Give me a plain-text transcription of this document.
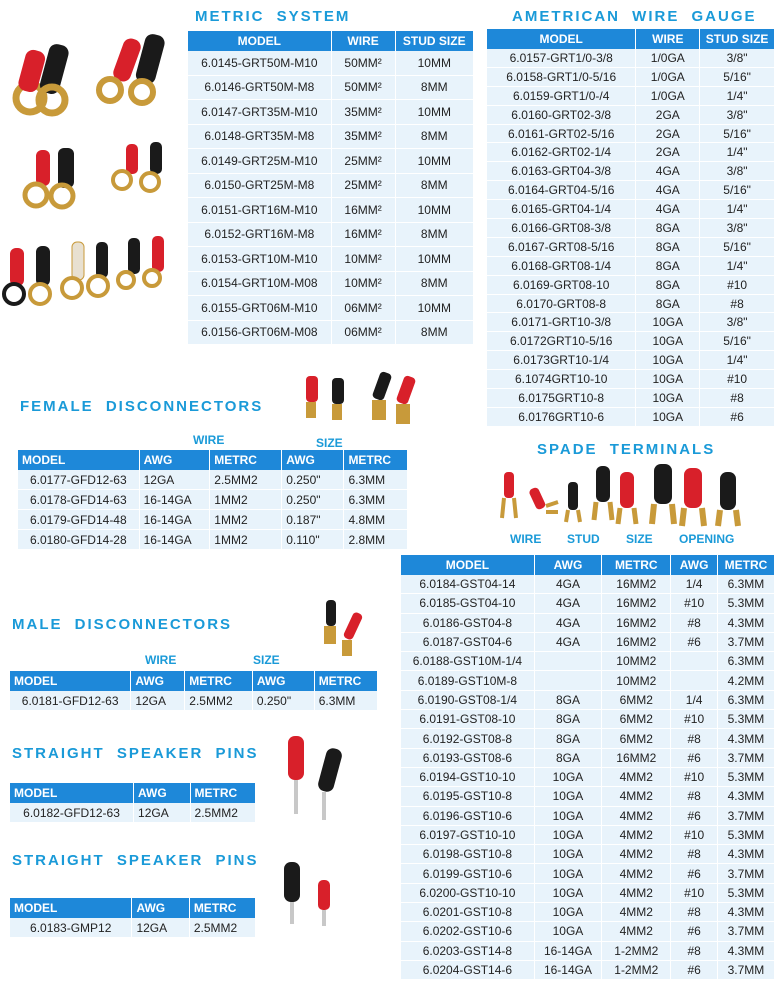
METRIC SYSTEM	AMETRICAN WIRE GAUGE
FEMALE DISCONNECTORS
SPADE TERMINALS
MALE DISCONNECTORS
STRAIGHT SPEAKER PINS
STRAIGHT SPEAKER PINS
WIRE	SIZE
WIRE	SIZE
WIRE STUD SIZE OPENING
MODEL	WIRE	STUD SIZE
6.0145-GRT50M-M10	50MM²	10MM
6.0146-GRT50M-M8	50MM²	8MM
6.0147-GRT35M-M10	35MM²	10MM
6.0148-GRT35M-M8	35MM²	8MM
6.0149-GRT25M-M10	25MM²	10MM
6.0150-GRT25M-M8	25MM²	8MM
6.0151-GRT16M-M10	16MM²	10MM
6.0152-GRT16M-M8	16MM²	8MM
6.0153-GRT10M-M10	10MM²	10MM
6.0154-GRT10M-M08	10MM²	8MM
6.0155-GRT06M-M10	06MM²	10MM
6.0156-GRT06M-M08	06MM²	8MM
MODEL	WIRE	STUD SIZE
6.0157-GRT1/0-3/8	1/0GA	3/8"
6.0158-GRT1/0-5/16	1/0GA	5/16"
6.0159-GRT1/0-/4	1/0GA	1/4"
6.0160-GRT02-3/8	2GA	3/8"
6.0161-GRT02-5/16	2GA	5/16"
6.0162-GRT02-1/4	2GA	1/4"
6.0163-GRT04-3/8	4GA	3/8"
6.0164-GRT04-5/16	4GA	5/16"
6.0165-GRT04-1/4	4GA	1/4"
6.0166-GRT08-3/8	8GA	3/8"
6.0167-GRT08-5/16	8GA	5/16"
6.0168-GRT08-1/4	8GA	1/4"
6.0169-GRT08-10	8GA	#10
6.0170-GRT08-8	8GA	#8
6.0171-GRT10-3/8	10GA	3/8"
6.0172GRT10-5/16	10GA	5/16"
6.0173GRT10-1/4	10GA	1/4"
6.1074GRT10-10	10GA	#10
6.0175GRT10-8	10GA	#8
6.0176GRT10-6	10GA	#6
MODEL	AWG	METRC	AWG	METRC
6.0177-GFD12-63	12GA	2.5MM2	0.250"	6.3MM
6.0178-GFD14-63	16-14GA	1MM2	0.250"	6.3MM
6.0179-GFD14-48	16-14GA	1MM2	0.187"	4.8MM
6.0180-GFD14-28	16-14GA	1MM2	0.110"	2.8MM
MODEL	AWG	METRC	AWG	METRC
6.0181-GFD12-63	12GA	2.5MM2	0.250"	6.3MM
MODEL	AWG	METRC
6.0182-GFD12-63	12GA	2.5MM2
MODEL	AWG	METRC
6.0183-GMP12	12GA	2.5MM2
MODEL	AWG	METRC	AWG	METRC
6.0184-GST04-14	4GA	16MM2	1/4	6.3MM
6.0185-GST04-10	4GA	16MM2	#10	5.3MM
6.0186-GST04-8	4GA	16MM2	#8	4.3MM
6.0187-GST04-6	4GA	16MM2	#6	3.7MM
6.0188-GST10M-1/4		10MM2		6.3MM
6.0189-GST10M-8		10MM2		4.2MM
6.0190-GST08-1/4	8GA	6MM2	1/4	6.3MM
6.0191-GST08-10	8GA	6MM2	#10	5.3MM
6.0192-GST08-8	8GA	6MM2	#8	4.3MM
6.0193-GST08-6	8GA	16MM2	#6	3.7MM
6.0194-GST10-10	10GA	4MM2	#10	5.3MM
6.0195-GST10-8	10GA	4MM2	#8	4.3MM
6.0196-GST10-6	10GA	4MM2	#6	3.7MM
6.0197-GST10-10	10GA	4MM2	#10	5.3MM
6.0198-GST10-8	10GA	4MM2	#8	4.3MM
6.0199-GST10-6	10GA	4MM2	#6	3.7MM
6.0200-GST10-10	10GA	4MM2	#10	5.3MM
6.0201-GST10-8	10GA	4MM2	#8	4.3MM
6.0202-GST10-6	10GA	4MM2	#6	3.7MM
6.0203-GST14-8	16-14GA	1-2MM2	#8	4.3MM
6.0204-GST14-6	16-14GA	1-2MM2	#6	3.7MM
